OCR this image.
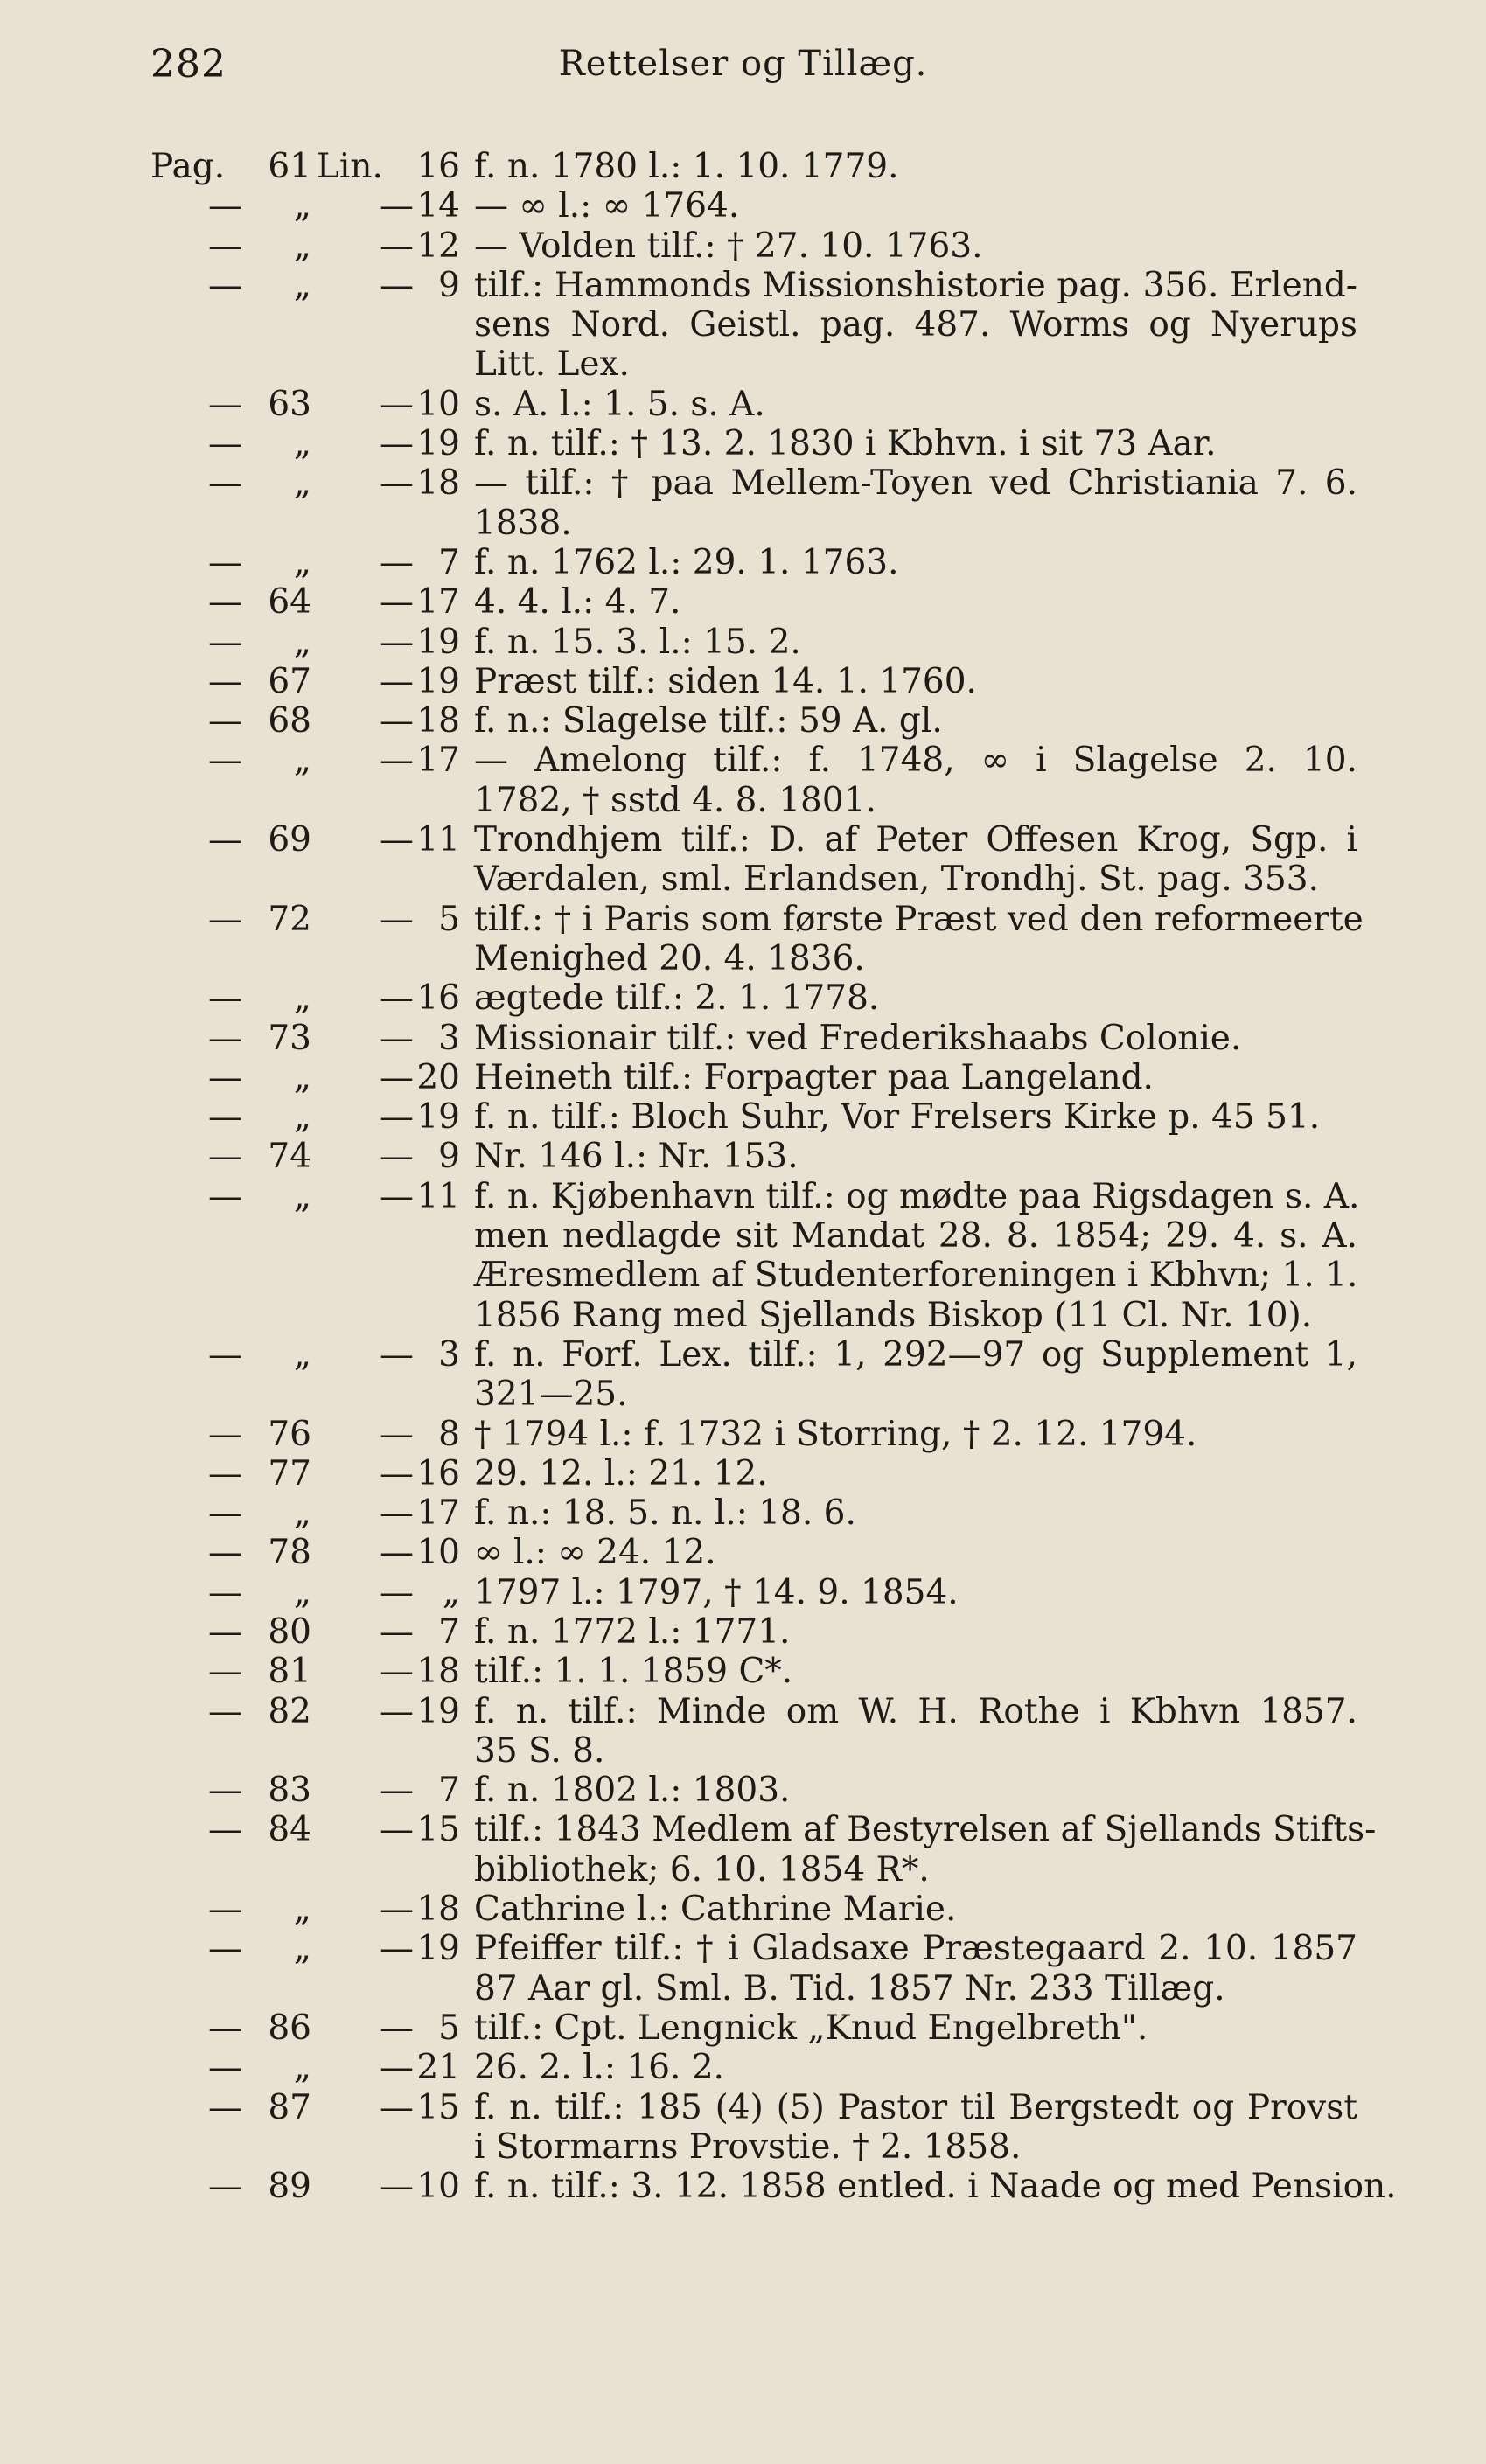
282	Rettelser og Tillæg.
Pag.	61 Lin. 16 f. n. 1780 l.: 1. 10. 1779.
—	„ — 14 — ∞ l.: ∞ 1764.
—	„ — 12 — Volden tilf.: † 27. 10. 1763.
—	„ — 9 tilf.: Hammonds Missionshistorie pag. 356. Erlend-
sens Nord. Geistl. pag. 487. Worms og Nyerups
Litt. Lex.
— 63 — 10 s. A. l.: 1. 5. s. A.
—	„ — 19 f. n. tilf.: † 13. 2. 1830 i Kbhvn. i sit 73 Aar.
—	„ — 18 — tilf.: † paa Mellem-Toyen ved Christiania 7. 6.
1838.
—	„ — 7 f. n. 1762 l.: 29. 1. 1763.
— 64 — 17 4. 4. l.: 4. 7.
—	„ — 19 f. n. 15. 3. l.: 15. 2.
— 67 — 19 Præst tilf.: siden 14. 1. 1760.
— 68 — 18 f. n.: Slagelse tilf.: 59 A. gl.
—	„ — 17 — Amelong tilf.: f. 1748, ∞ i Slagelse 2. 10.
1782, † sstd 4. 8. 1801.
— 69 — 11 Trondhjem tilf.: D. af Peter Offesen Krog, Sgp. i
Værdalen, sml. Erlandsen, Trondhj. St. pag. 353.
— 72 — 5 tilf.: † i Paris som første Præst ved den reformeerte
Menighed 20. 4. 1836.
—	„ — 16 ægtede tilf.: 2. 1. 1778.
— 73 — 3 Missionair tilf.: ved Frederikshaabs Colonie.
—	„ — 20 Heineth tilf.: Forpagter paa Langeland.
—	„ — 19 f. n. tilf.: Bloch Suhr, Vor Frelsers Kirke p. 45 51.
— 74 — 9 Nr. 146 l.: Nr. 153.
—	„ — 11 f. n. Kjøbenhavn tilf.: og mødte paa Rigsdagen s. A.
men nedlagde sit Mandat 28. 8. 1854; 29. 4. s. A.
Æresmedlem af Studenterforeningen i Kbhvn; 1. 1.
1856 Rang med Sjellands Biskop (11 Cl. Nr. 10).
—	„ — 3 f. n. Forf. Lex. tilf.: 1, 292—97 og Supplement 1,
321—25.
— 76 — 8 † 1794 l.: f. 1732 i Storring, † 2. 12. 1794.
— 77 — 16 29. 12. l.: 21. 12.
—	„ — 17 f. n.: 18. 5. n. l.: 18. 6.
— 78 — 10 ∞ l.: ∞ 24. 12.
—	„ — „ 1797 l.: 1797, † 14. 9. 1854.
— 80 — 7 f. n. 1772 l.: 1771.
— 81 — 18 tilf.: 1. 1. 1859 C*.
— 82 — 19 f. n. tilf.: Minde om W. H. Rothe i Kbhvn 1857.
35 S. 8.
— 83 — 7 f. n. 1802 l.: 1803.
— 84 — 15 tilf.: 1843 Medlem af Bestyrelsen af Sjellands Stifts-
bibliothek; 6. 10. 1854 R*.
—	„ — 18 Cathrine l.: Cathrine Marie.
—	„ — 19 Pfeiffer tilf.: † i Gladsaxe Præstegaard 2. 10. 1857
87 Aar gl. Sml. B. Tid. 1857 Nr. 233 Tillæg.
— 86 — 5 tilf.: Cpt. Lengnick „Knud Engelbreth".
—	„ — 21 26. 2. l.: 16. 2.
— 87 — 15 f. n. tilf.: 185 (4) (5) Pastor til Bergstedt og Provst
i Stormarns Provstie. † 2. 1858.
— 89 — 10 f. n. tilf.: 3. 12. 1858 entled. i Naade og med Pension.
